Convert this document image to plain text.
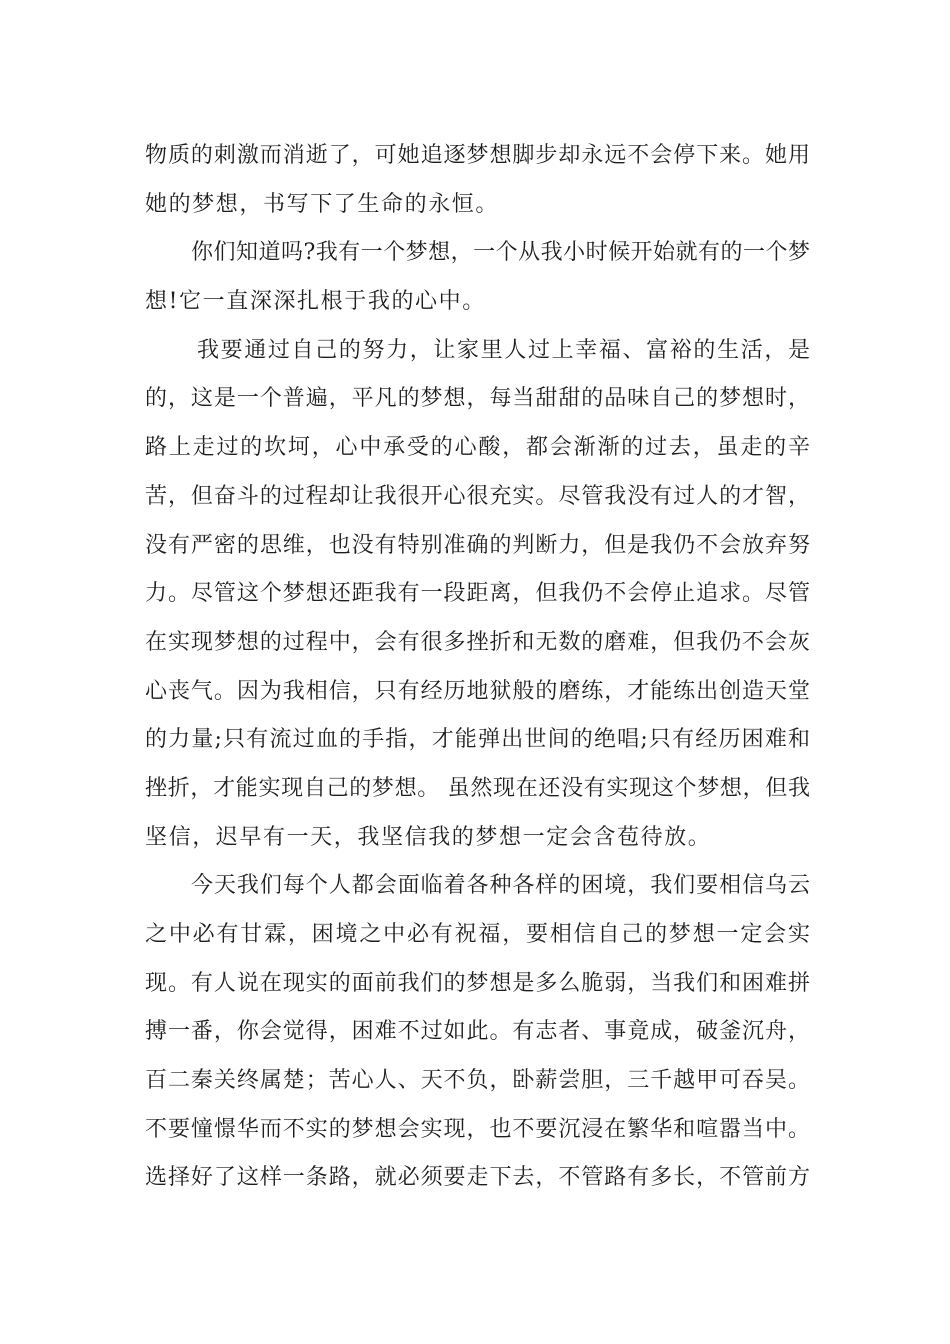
物质的刺激而消逝了，可她追逐梦想脚步却永远不会停下来。她用
她的梦想，书写下了生命的永恒。
你们知道吗?我有一个梦想，一个从我小时候开始就有的一个梦
想!它一直深深扎根于我的心中。
我要通过自己的努力，让家里人过上幸福、富裕的生活，是
的，这是一个普遍，平凡的梦想，每当甜甜的品味自己的梦想时，
路上走过的坎坷，心中承受的心酸，都会渐渐的过去，虽走的辛
苦，但奋斗的过程却让我很开心很充实。尽管我没有过人的才智，
没有严密的思维，也没有特别准确的判断力，但是我仍不会放弃努
力。尽管这个梦想还距我有一段距离，但我仍不会停止追求。尽管
在实现梦想的过程中，会有很多挫折和无数的磨难，但我仍不会灰
心丧气。因为我相信，只有经历地狱般的磨练，才能练出创造天堂
的力量;只有流过血的手指，才能弹出世间的绝唱;只有经历困难和
挫折，才能实现自己的梦想。 虽然现在还没有实现这个梦想，但我
坚信，迟早有一天，我坚信我的梦想一定会含苞待放。
今天我们每个人都会面临着各种各样的困境，我们要相信乌云
之中必有甘霖，困境之中必有祝福，要相信自己的梦想一定会实
现。有人说在现实的面前我们的梦想是多么脆弱，当我们和困难拼
搏一番，你会觉得，困难不过如此。有志者、事竟成，破釜沉舟，
百二秦关终属楚；苦心人、天不负，卧薪尝胆，三千越甲可吞吴。
不要憧憬华而不实的梦想会实现，也不要沉浸在繁华和喧嚣当中。
选择好了这样一条路，就必须要走下去，不管路有多长，不管前方
